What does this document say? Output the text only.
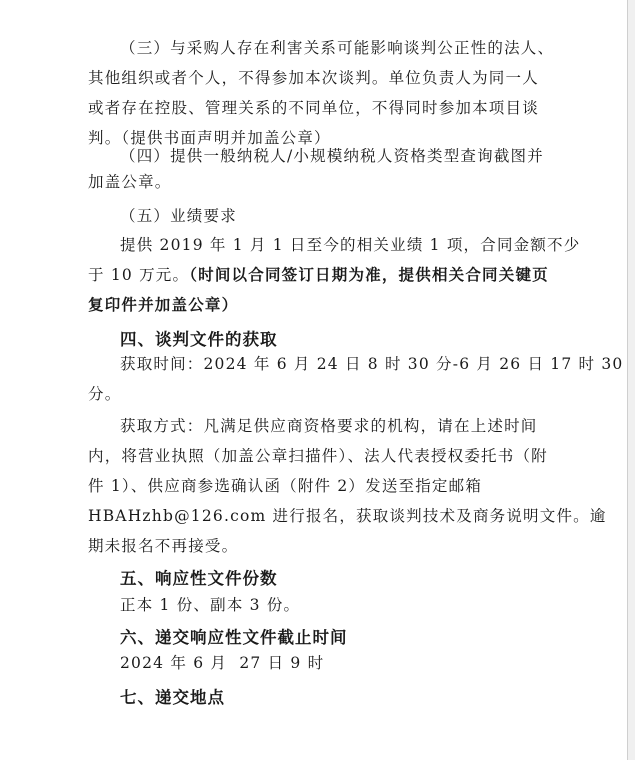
（三）与采购人存在利害关系可能影响谈判公正性的法人、
其他组织或者个人，不得参加本次谈判。单位负责人为同一人
或者存在控股、管理关系的不同单位，不得同时参加本项目谈
判。（提供书面声明并加盖公章）
（四）提供一般纳税人/小规模纳税人资格类型查询截图并
加盖公章。
（五）业绩要求
提供 2019 年 1 月 1 日至今的相关业绩 1 项，合同金额不少
于 10 万元。（时间以合同签订日期为准，提供相关合同关键页
复印件并加盖公章）
四、谈判文件的获取
获取时间：2024 年 6 月 24 日 8 时 30 分-6 月 26 日 17 时 30
分。
获取方式：凡满足供应商资格要求的机构，请在上述时间
内，将营业执照（加盖公章扫描件）、法人代表授权委托书（附
件 1）、供应商参选确认函（附件 2）发送至指定邮箱
HBAHzhb@126.com 进行报名，获取谈判技术及商务说明文件。逾
期未报名不再接受。
五、响应性文件份数
正本 1 份、副本 3 份。
六、递交响应性文件截止时间
2024 年 6 月  27 日 9 时
七、递交地点
